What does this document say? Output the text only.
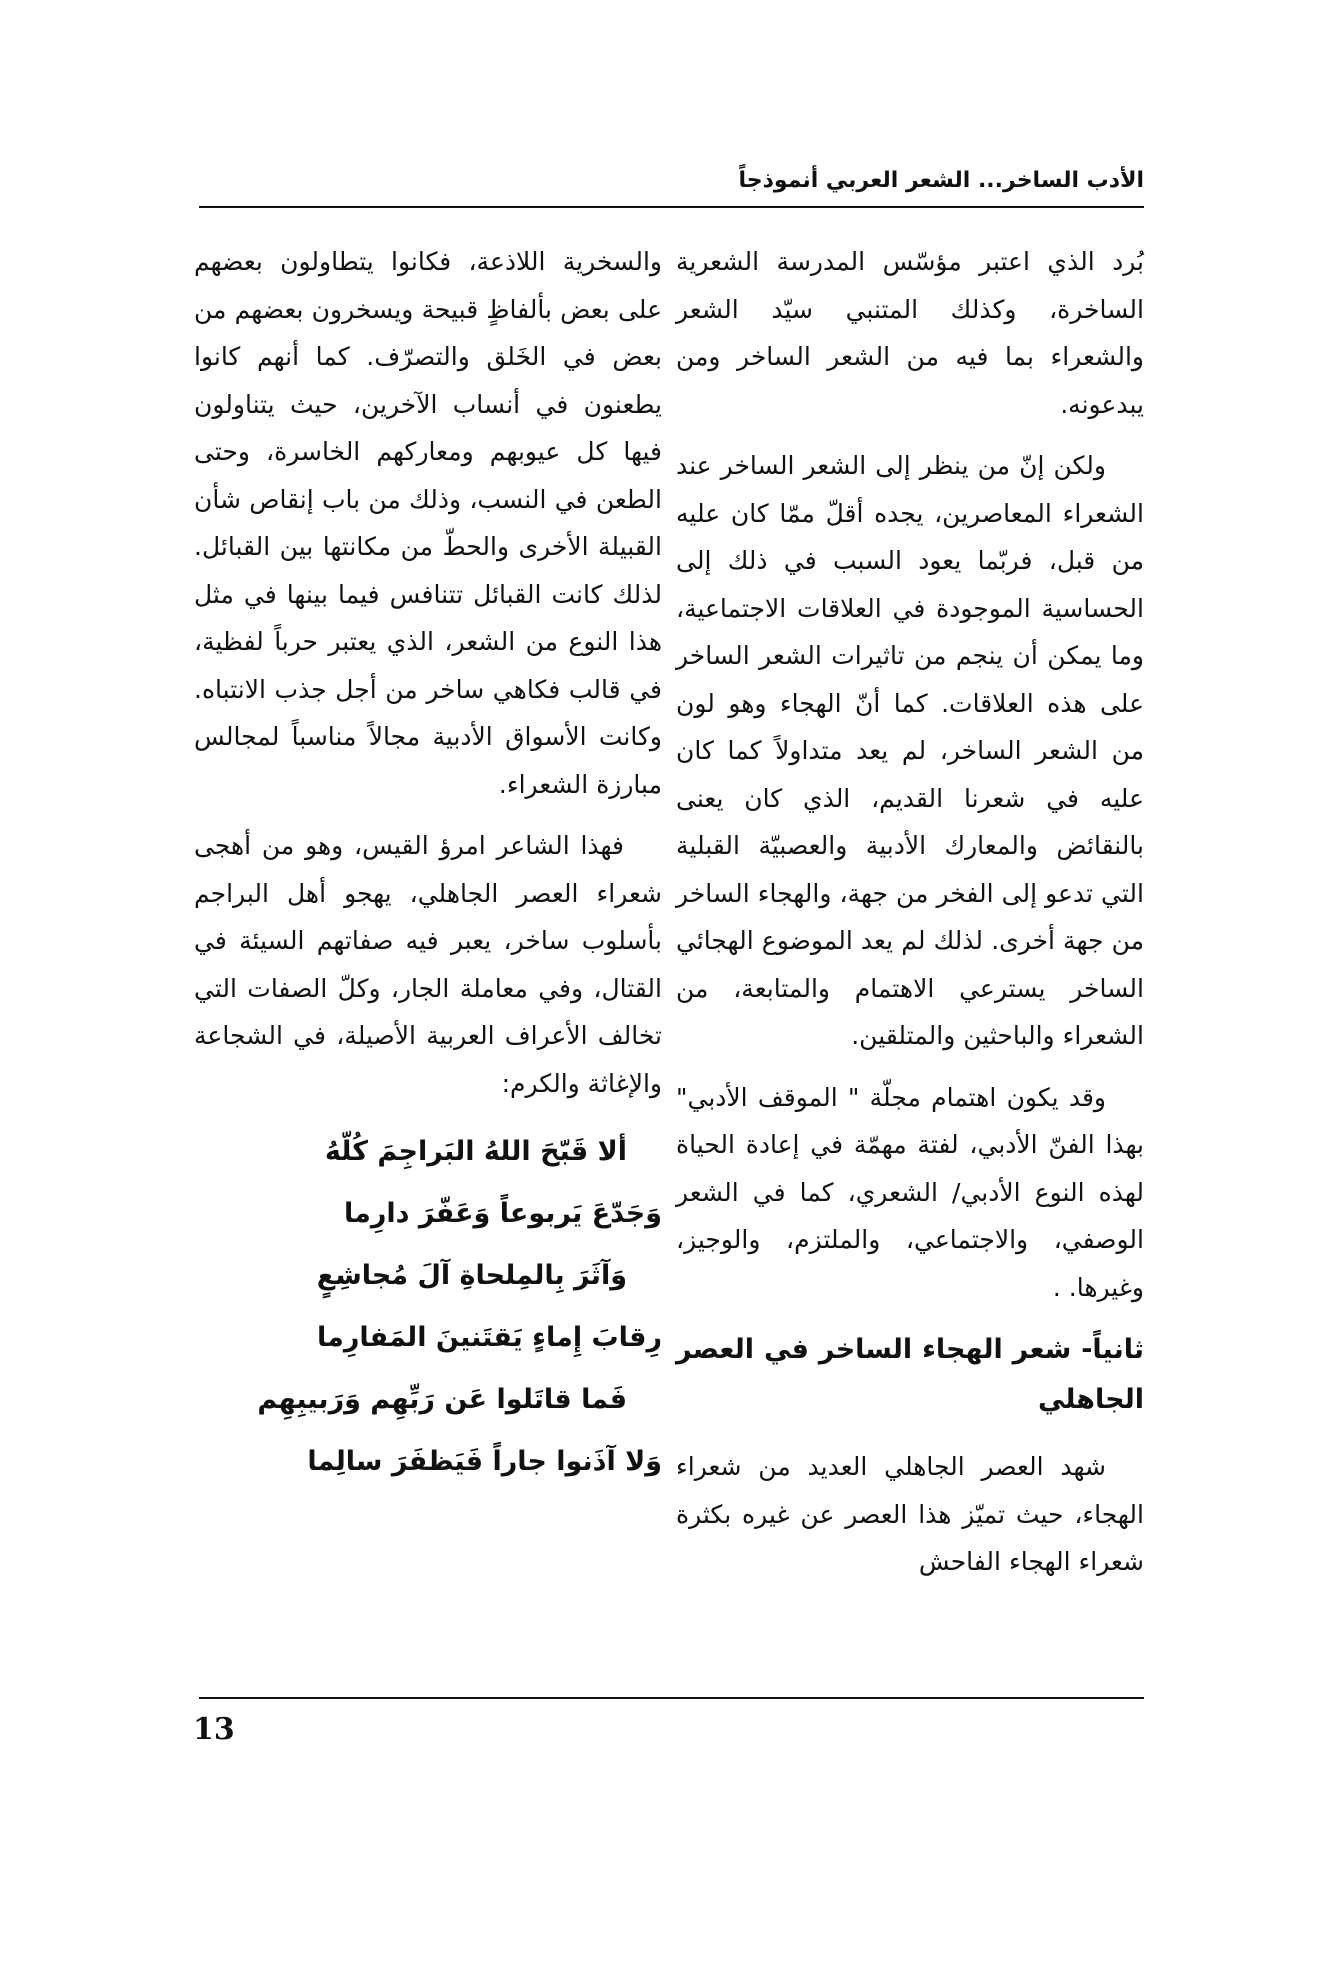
الأدب الساخر... الشعر العربي أنموذجاً

بُرد الذي اعتبر مؤسّس المدرسة الشعرية الساخرة، وكذلك المتنبي سيّد الشعر والشعراء بما فيه من الشعر الساخر ومن يبدعونه.

ولكن إنّ من ينظر إلى الشعر الساخر عند الشعراء المعاصرين، يجده أقلّ ممّا كان عليه من قبل، فربّما يعود السبب في ذلك إلى الحساسية الموجودة في العلاقات الاجتماعية، وما يمكن أن ينجم من تاثيرات الشعر الساخر على هذه العلاقات. كما أنّ الهجاء وهو لون من الشعر الساخر، لم يعد متداولاً كما كان عليه في شعرنا القديم، الذي كان يعنى بالنقائض والمعارك الأدبية والعصبيّة القبلية التي تدعو إلى الفخر من جهة، والهجاء الساخر من جهة أخرى. لذلك لم يعد الموضوع الهجائي الساخر يسترعي الاهتمام والمتابعة، من الشعراء والباحثين والمتلقين.

وقد يكون اهتمام مجلّة " الموقف الأدبي" بهذا الفنّ الأدبي، لفتة مهمّة في إعادة الحياة لهذه النوع الأدبي/ الشعري، كما في الشعر الوصفي، والاجتماعي، والملتزم، والوجيز، وغيرها. .

ثانياً- شعر الهجاء الساخر في العصر الجاهلي

شهد العصر الجاهلي العديد من شعراء الهجاء، حيث تميّز هذا العصر عن غيره بكثرة شعراء الهجاء الفاحش

والسخرية اللاذعة، فكانوا يتطاولون بعضهم على بعض بألفاظٍ قبيحة ويسخرون بعضهم من بعض في الخَلق والتصرّف. كما أنهم كانوا يطعنون في أنساب الآخرين، حيث يتناولون فيها كل عيوبهم ومعاركهم الخاسرة، وحتى الطعن في النسب، وذلك من باب إنقاص شأن القبيلة الأخرى والحطّ من مكانتها بين القبائل. لذلك كانت القبائل تتنافس فيما بينها في مثل هذا النوع من الشعر، الذي يعتبر حرباً لفظية، في قالب فكاهي ساخر من أجل جذب الانتباه. وكانت الأسواق الأدبية مجالاً مناسباً لمجالس مبارزة الشعراء.

فهذا الشاعر امرؤ القيس، وهو من أهجى شعراء العصر الجاهلي، يهجو أهل البراجم بأسلوب ساخر، يعبر فيه صفاتهم السيئة في القتال، وفي معاملة الجار، وكلّ الصفات التي تخالف الأعراف العربية الأصيلة، في الشجاعة والإغاثة والكرم:

ألا قَبّحَ اللهُ البَراجِمَ كُلّهُ
وَجَدّعَ يَربوعاً وَعَفّرَ دارِما
وَآثَرَ بِالمِلحاةِ آلَ مُجاشِعٍ
رِقابَ إِماءٍ يَقتَنينَ المَفارِما
فَما قاتَلوا عَن رَبِّهِم وَرَبيبِهِم
وَلا آذَنوا جاراً فَيَظفَرَ سالِما
13
